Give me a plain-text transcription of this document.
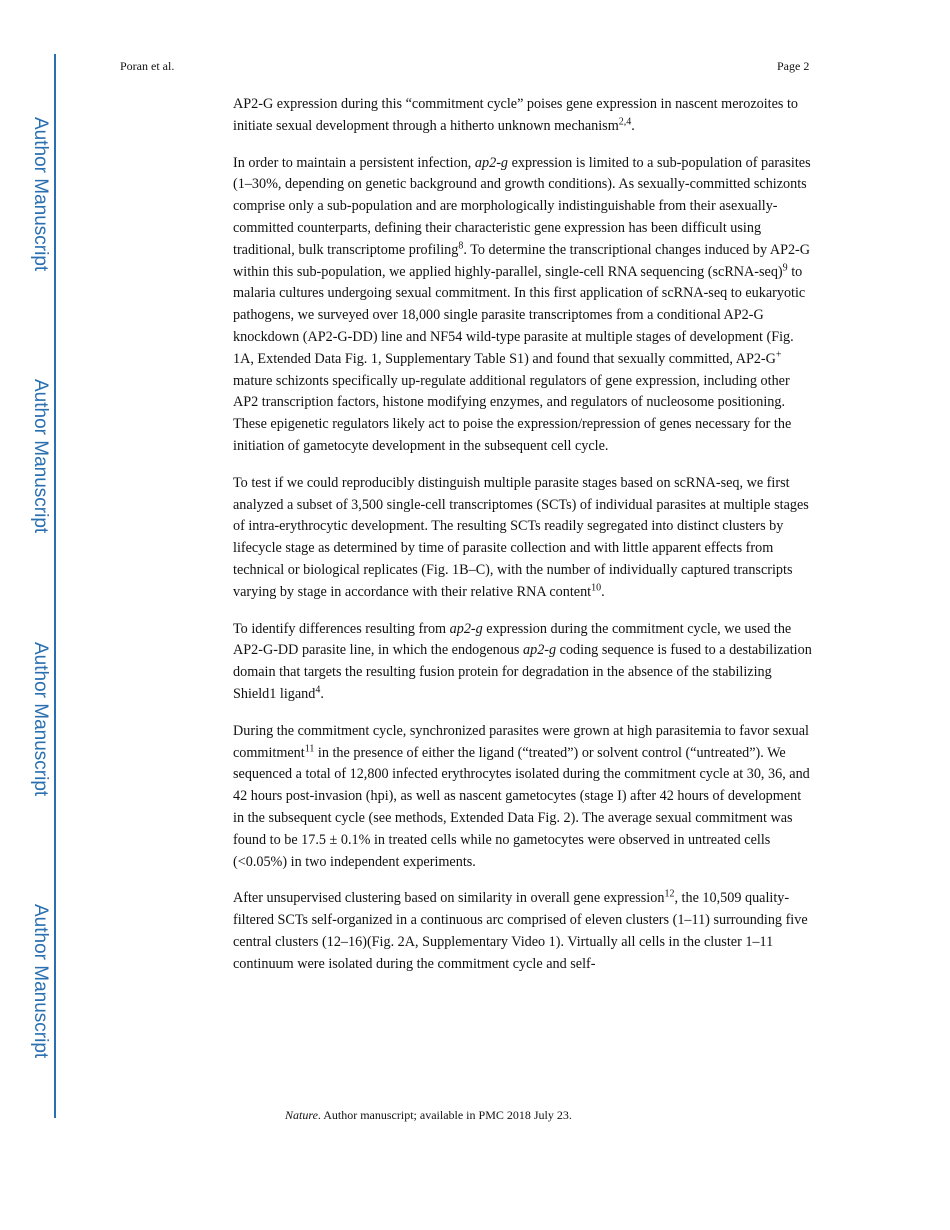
Author Manuscript
Author Manuscript
Author Manuscript
Author Manuscript
Poran et al.	Page 2

AP2-G expression during this “commitment cycle” poises gene expression in nascent merozoites to initiate sexual development through a hitherto unknown mechanism$^{2,4}$.

In order to maintain a persistent infection, ap2-g expression is limited to a sub-population of parasites (1–30%, depending on genetic background and growth conditions). As sexually-committed schizonts comprise only a sub-population and are morphologically indistinguishable from their asexually-committed counterparts, defining their characteristic gene expression has been difficult using traditional, bulk transcriptome profiling$^8$. To determine the transcriptional changes induced by AP2-G within this sub-population, we applied highly-parallel, single-cell RNA sequencing (scRNA-seq)$^9$ to malaria cultures undergoing sexual commitment. In this first application of scRNA-seq to eukaryotic pathogens, we surveyed over 18,000 single parasite transcriptomes from a conditional AP2-G knockdown (AP2-G-DD) line and NF54 wild-type parasite at multiple stages of development (Fig. 1A, Extended Data Fig. 1, Supplementary Table S1) and found that sexually committed, AP2-G+ mature schizonts specifically up-regulate additional regulators of gene expression, including other AP2 transcription factors, histone modifying enzymes, and regulators of nucleosome positioning. These epigenetic regulators likely act to poise the expression/repression of genes necessary for the initiation of gametocyte development in the subsequent cell cycle.

To test if we could reproducibly distinguish multiple parasite stages based on scRNA-seq, we first analyzed a subset of 3,500 single-cell transcriptomes (SCTs) of individual parasites at multiple stages of intra-erythrocytic development. The resulting SCTs readily segregated into distinct clusters by lifecycle stage as determined by time of parasite collection and with little apparent effects from technical or biological replicates (Fig. 1B–C), with the number of individually captured transcripts varying by stage in accordance with their relative RNA content$^{10}$.

To identify differences resulting from ap2-g expression during the commitment cycle, we used the AP2-G-DD parasite line, in which the endogenous ap2-g coding sequence is fused to a destabilization domain that targets the resulting fusion protein for degradation in the absence of the stabilizing Shield1 ligand$^4$.

During the commitment cycle, synchronized parasites were grown at high parasitemia to favor sexual commitment$^{11}$ in the presence of either the ligand (“treated”) or solvent control (“untreated”). We sequenced a total of 12,800 infected erythrocytes isolated during the commitment cycle at 30, 36, and 42 hours post-invasion (hpi), as well as nascent gametocytes (stage I) after 42 hours of development in the subsequent cycle (see methods, Extended Data Fig. 2). The average sexual commitment was found to be 17.5 ± 0.1% in treated cells while no gametocytes were observed in untreated cells (<0.05%) in two independent experiments.

After unsupervised clustering based on similarity in overall gene expression$^{12}$, the 10,509 quality-filtered SCTs self-organized in a continuous arc comprised of eleven clusters (1–11) surrounding five central clusters (12–16)(Fig. 2A, Supplementary Video 1). Virtually all cells in the cluster 1–11 continuum were isolated during the commitment cycle and self-

Nature. Author manuscript; available in PMC 2018 July 23.
